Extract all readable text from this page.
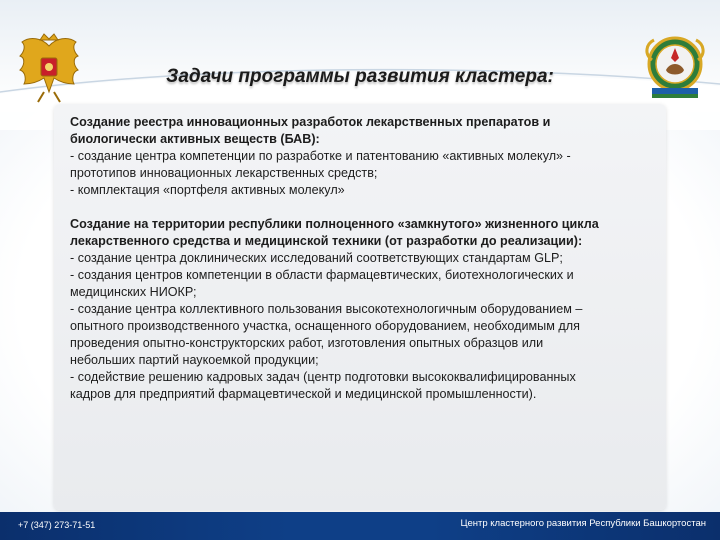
Задачи программы развития кластера:
Создание реестра инновационных разработок лекарственных препаратов и
биологически активных веществ (БАВ):
- создание центра компетенции по разработке и патентованию «активных молекул» -
прототипов инновационных лекарственных средств;
- комплектация «портфеля активных молекул»
Создание на территории республики полноценного «замкнутого» жизненного цикла
лекарственного средства и медицинской техники (от разработки до реализации):
- создание центра доклинических исследований соответствующих стандартам GLP;
- создания центров компетенции в области фармацевтических, биотехнологических и
медицинских НИОКР;
- создание центра коллективного пользования высокотехнологичным оборудованием –
опытного производственного участка, оснащенного оборудованием, необходимым для
проведения опытно-конструкторских работ, изготовления опытных образцов или
небольших партий наукоемкой продукции;
- содействие решению кадровых задач (центр подготовки высококвалифицированных
кадров для предприятий фармацевтической и медицинской промышленности).
+7 (347) 273-71-51	Центр кластерного развития Республики Башкортостан
